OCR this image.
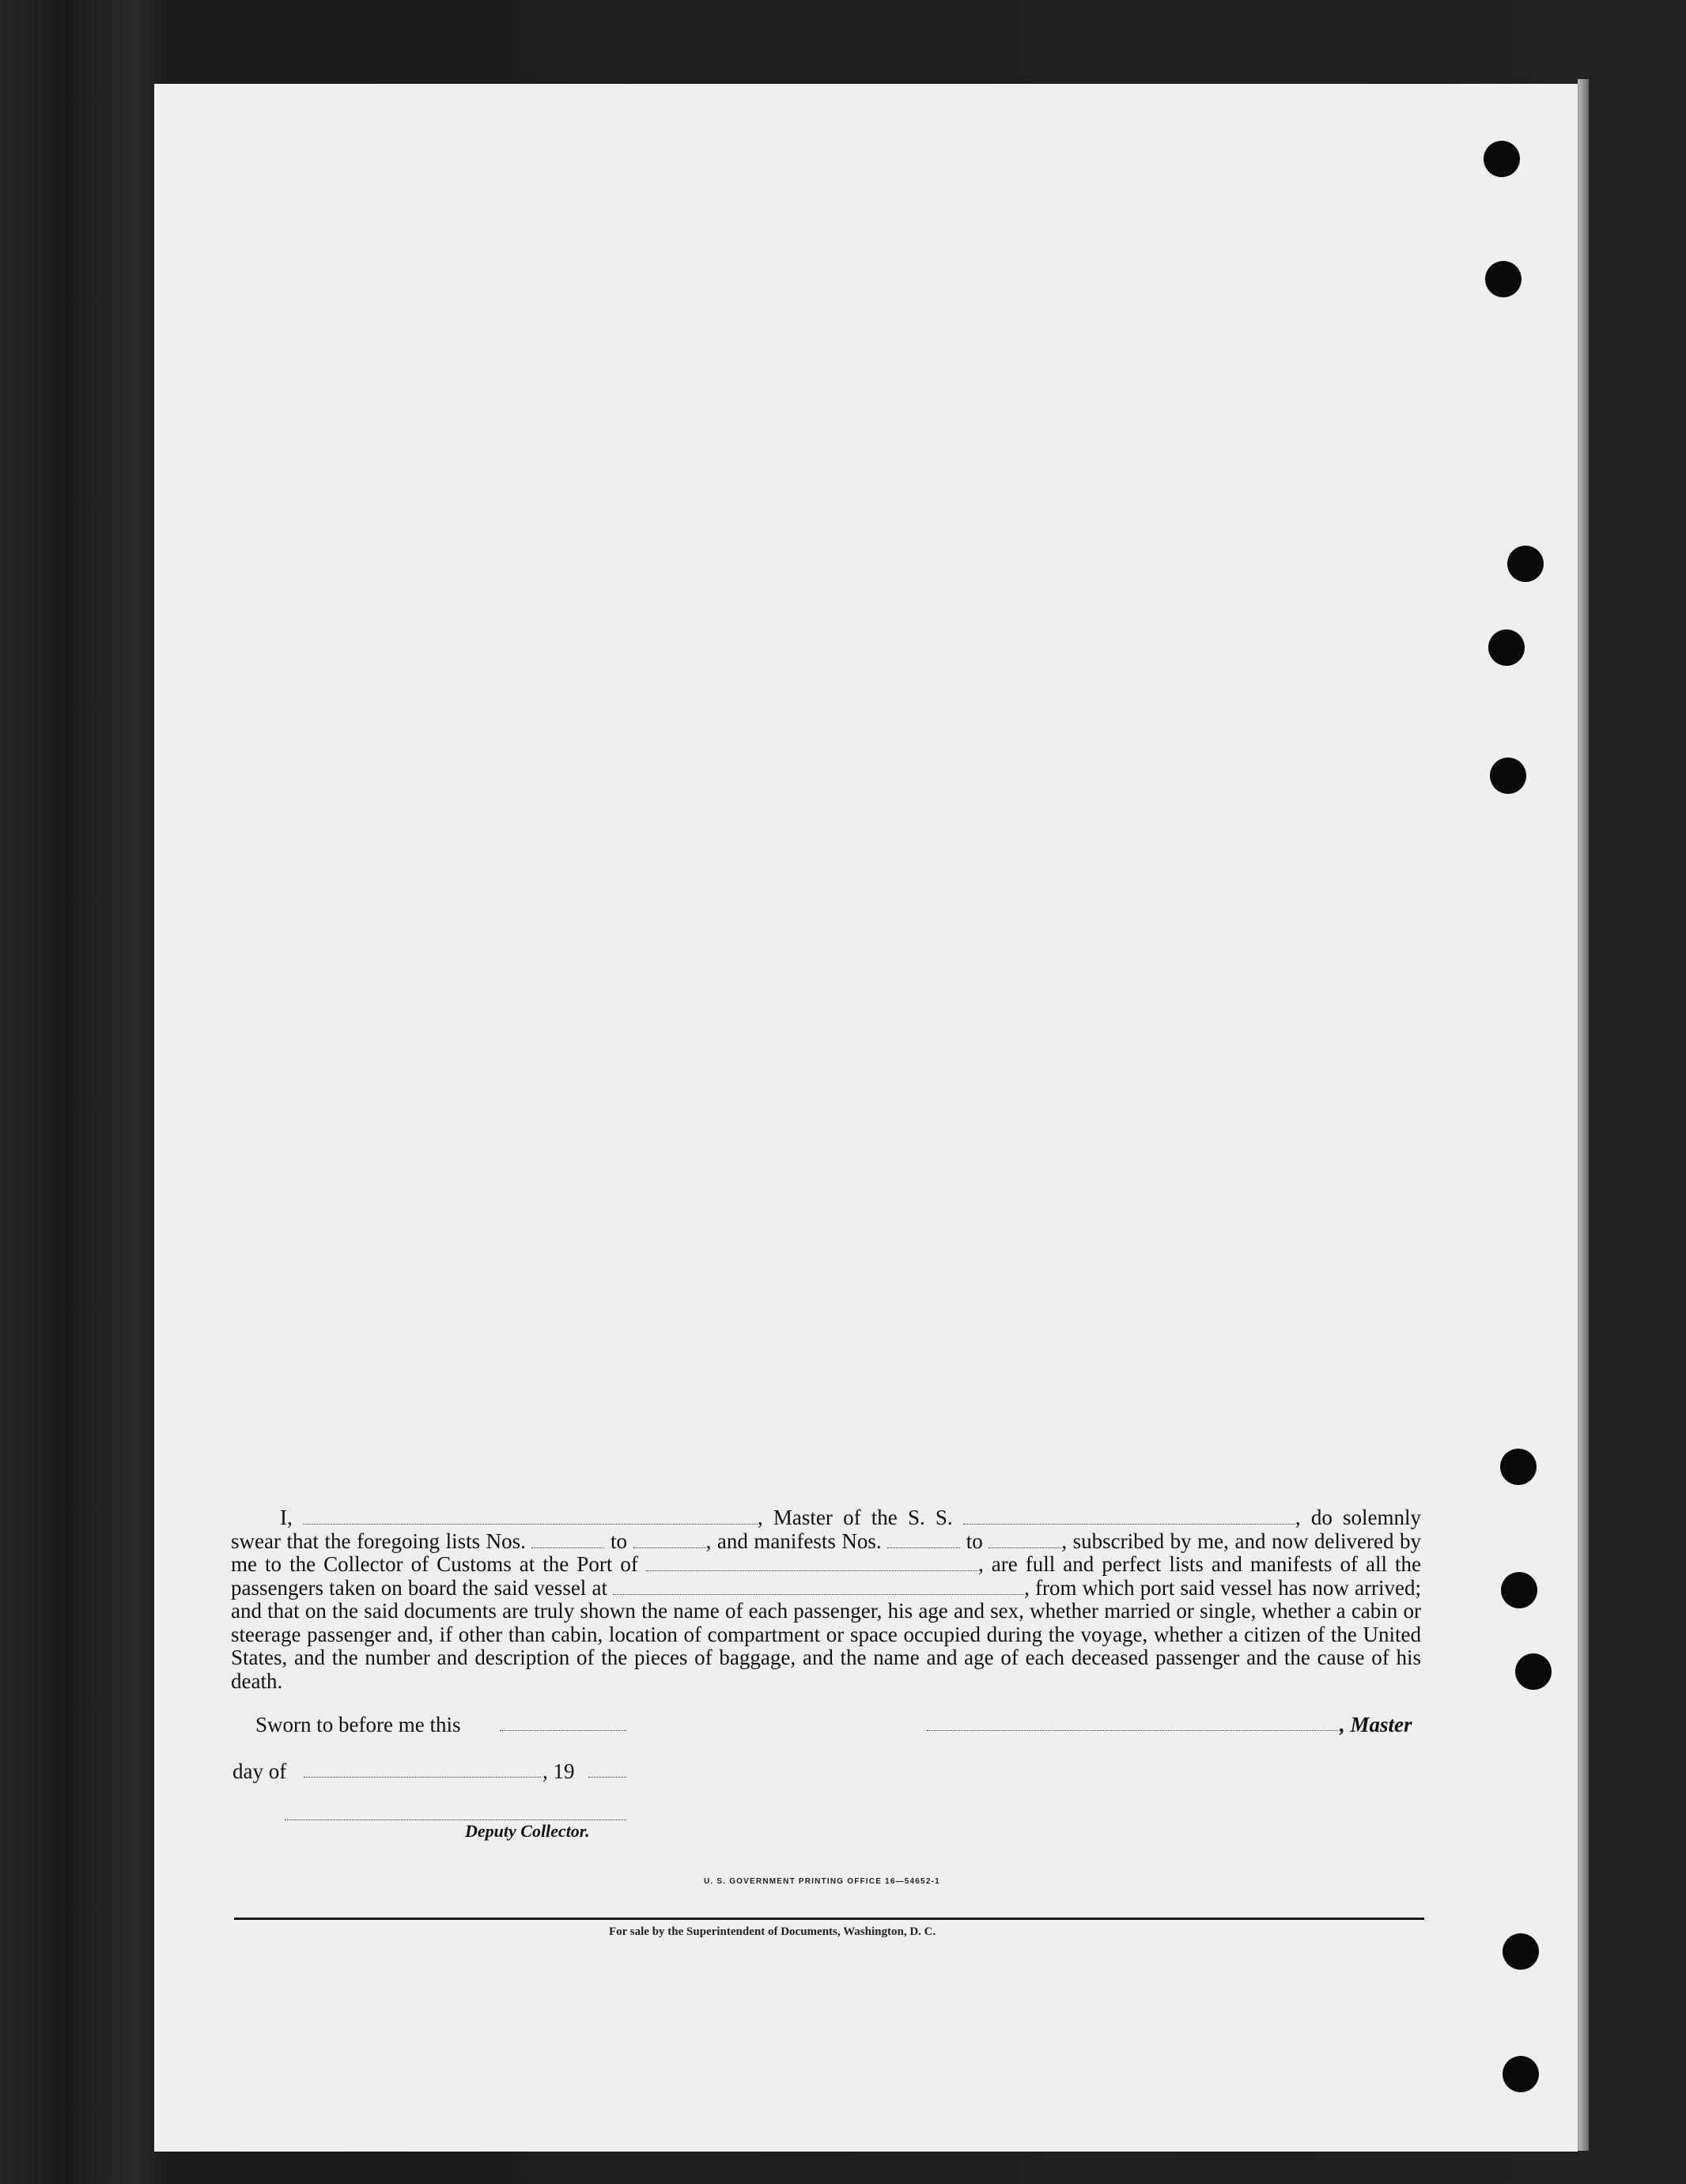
I,	, Master of the S. S.	, do solemnly swear that the foregoing lists Nos.	to	, and manifests Nos.	to	, subscribed by me, and now delivered by me to the Collector of Customs at the Port of	, are full and perfect lists and manifests of all the passengers taken on board the said vessel at	, from which port said vessel has now arrived; and that on the said documents are truly shown the name of each passenger, his age and sex, whether married or single, whether a cabin or steerage passenger and, if other than cabin, location of compartment or space occupied during the voyage, whether a citizen of the United States, and the number and description of the pieces of baggage, and the name and age of each deceased passenger and the cause of his death.
Sworn to before me this	, Master
day of	, 19
Deputy Collector.
U. S. GOVERNMENT PRINTING OFFICE 16—54652-1
For sale by the Superintendent of Documents, Washington, D. C.
